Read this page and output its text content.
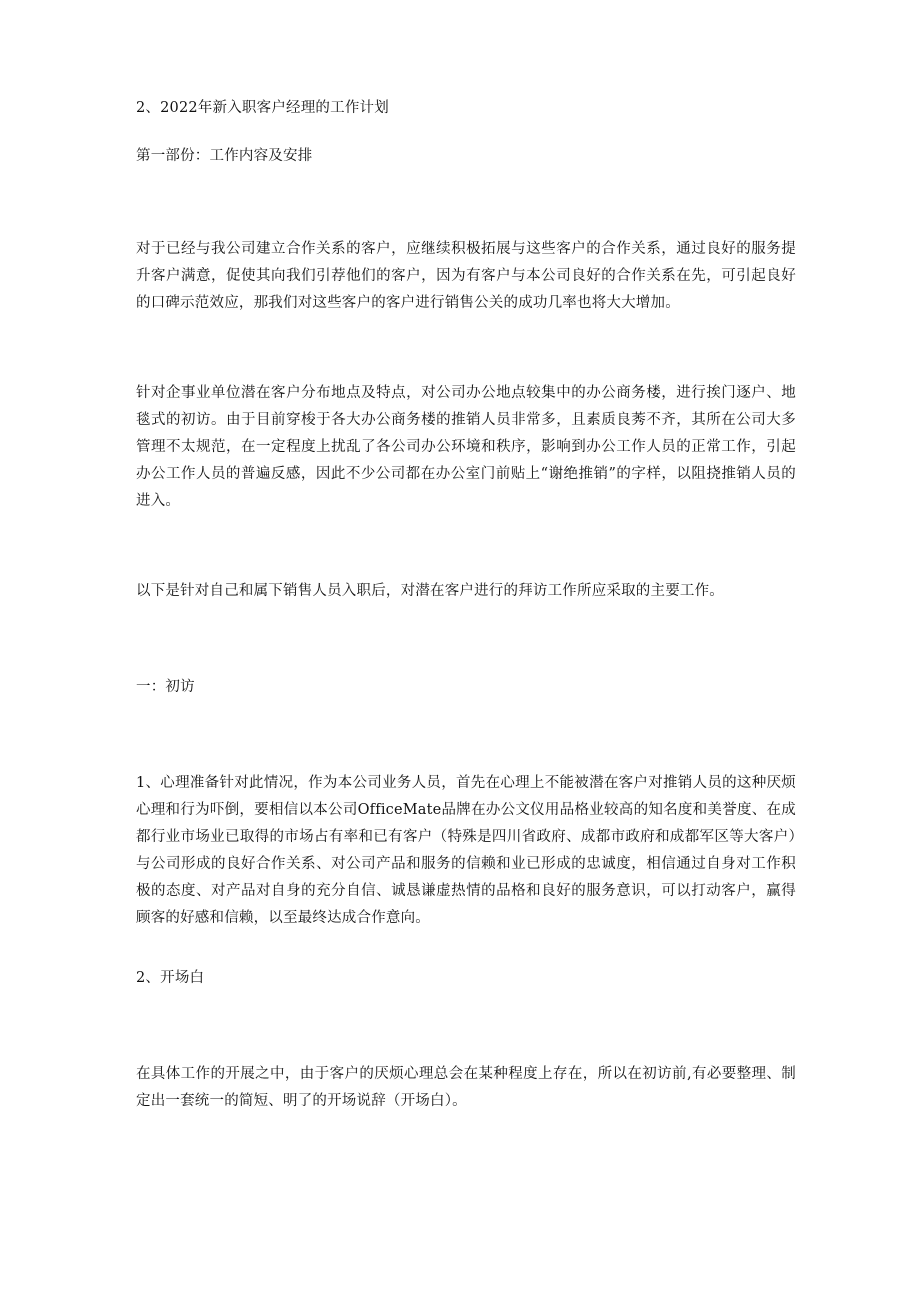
2、2022年新入职客户经理的工作计划

第一部份：工作内容及安排

对于已经与我公司建立合作关系的客户，应继续积极拓展与这些客户的合作关系，通过良好的服务提升客户满意，促使其向我们引荐他们的客户，因为有客户与本公司良好的合作关系在先，可引起良好的口碑示范效应，那我们对这些客户的客户进行销售公关的成功几率也将大大增加。

针对企事业单位潜在客户分布地点及特点，对公司办公地点较集中的办公商务楼，进行挨门逐户、地毯式的初访。由于目前穿梭于各大办公商务楼的推销人员非常多，且素质良莠不齐，其所在公司大多管理不太规范，在一定程度上扰乱了各公司办公环境和秩序，影响到办公工作人员的正常工作，引起办公工作人员的普遍反感，因此不少公司都在办公室门前贴上“谢绝推销”的字样，以阻挠推销人员的进入。

以下是针对自己和属下销售人员入职后，对潜在客户进行的拜访工作所应采取的主要工作。

一：初访

1、心理准备针对此情况，作为本公司业务人员，首先在心理上不能被潜在客户对推销人员的这种厌烦心理和行为吓倒，要相信以本公司OfficeMate品牌在办公文仪用品格业较高的知名度和美誉度、在成都行业市场业已取得的市场占有率和已有客户（特殊是四川省政府、成都市政府和成都军区等大客户）与公司形成的良好合作关系、对公司产品和服务的信赖和业已形成的忠诚度，相信通过自身对工作积极的态度、对产品对自身的充分自信、诚恳谦虚热情的品格和良好的服务意识，可以打动客户，赢得顾客的好感和信赖，以至最终达成合作意向。

2、开场白

在具体工作的开展之中，由于客户的厌烦心理总会在某种程度上存在，所以在初访前,有必要整理、制定出一套统一的简短、明了的开场说辞（开场白）。
